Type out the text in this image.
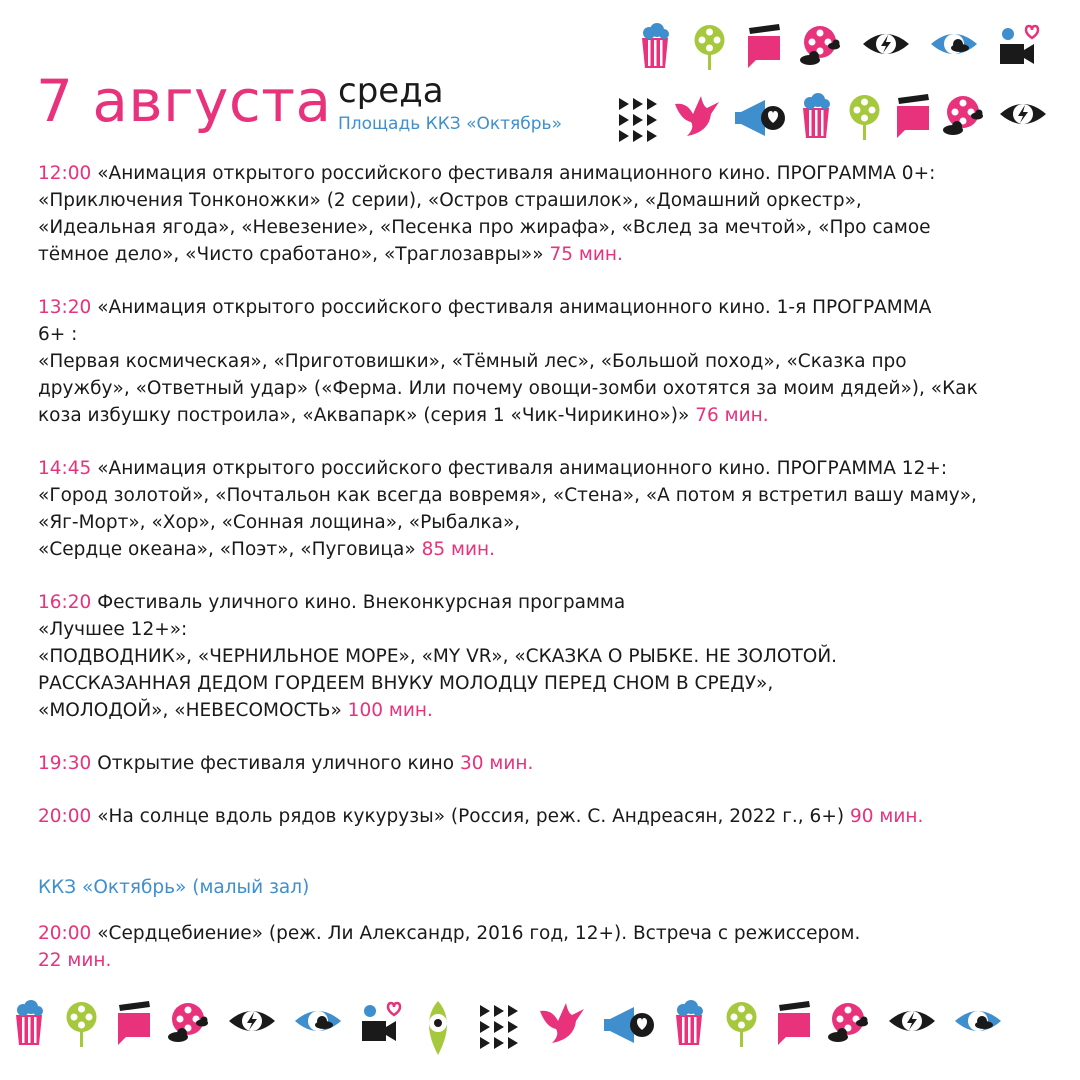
7 августа среда
Площадь ККЗ «Октябрь»

12:00 «Анимация открытого российского фестиваля анимационного кино. ПРОГРАММА 0+:

«Приключения Тонконожки» (2 серии), «Остров страшилок», «Домашний оркестр»,

«Идеальная ягода», «Невезение», «Песенка про жирафа», «Вслед за мечтой», «Про самое

тёмное дело», «Чисто сработано», «Траглозавры»» 75 мин.

13:20 «Анимация открытого российского фестиваля анимационного кино. 1-я ПРОГРАММА

6+ :

«Первая космическая», «Приготовишки», «Тёмный лес», «Большой поход», «Сказка про

дружбу», «Ответный удар» («Ферма. Или почему овощи-зомби охотятся за моим дядей»), «Как

коза избушку построила», «Аквапарк» (серия 1 «Чик-Чирикино»)» 76 мин.

14:45 «Анимация открытого российского фестиваля анимационного кино. ПРОГРАММА 12+:

«Город золотой», «Почтальон как всегда вовремя», «Стена», «А потом я встретил вашу маму»,

«Яг-Морт», «Хор», «Сонная лощина», «Рыбалка»,

«Сердце океана», «Поэт», «Пуговица» 85 мин.

16:20 Фестиваль уличного кино. Внеконкурсная программа

«Лучшее 12+»:

«ПОДВОДНИК», «ЧЕРНИЛЬНОЕ МОРЕ», «MY VR», «СКАЗКА О РЫБКЕ. НЕ ЗОЛОТОЙ.

РАССКАЗАННАЯ ДЕДОМ ГОРДЕЕМ ВНУКУ МОЛОДЦУ ПЕРЕД СНОМ В СРЕДУ»,

«МОЛОДОЙ», «НЕВЕСОМОСТЬ» 100 мин.

19:30 Открытие фестиваля уличного кино 30 мин.

20:00 «На солнце вдоль рядов кукурузы» (Россия, реж. С. Андреасян, 2022 г., 6+) 90 мин.

ККЗ «Октябрь» (малый зал)

20:00 «Сердцебиение» (реж. Ли Александр, 2016 год, 12+). Встреча с режиссером.

22 мин.
